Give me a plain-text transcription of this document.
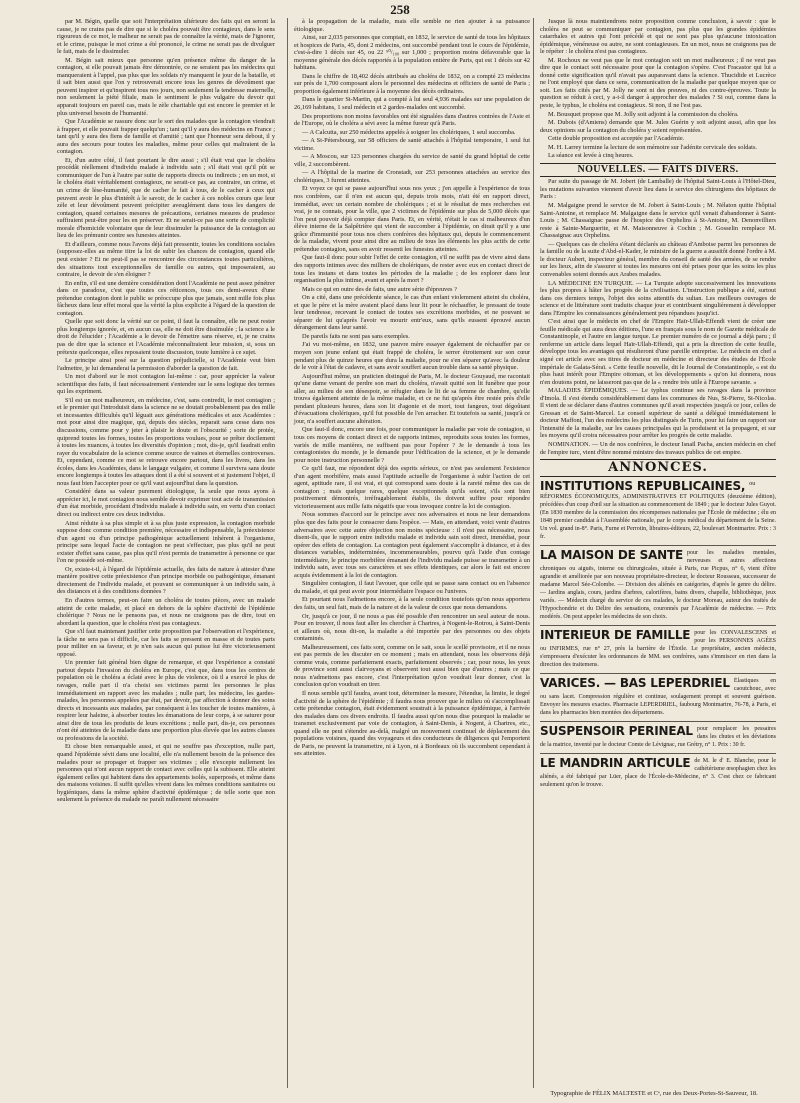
258

par M. Bégin, quelle que soit l'interprétation ultérieure des faits qui en seront la cause, je ne crains pas de dire que si le choléra pouvait être contagieux, dans le sens rigoureux de ce mot, le malheur ne serait pas de connaître la vérité, mais de l'ignorer, et le crime, puisque le mot crime a été prononcé, le crime ne serait pas de divulguer le fait, mais de le dissimuler.

M. Bégin sait mieux que personne qu'en présence même du danger de la contagion, si elle pouvait jamais être démontrée, ce ne seraient pas les médecins qui manqueraient à l'appel, pas plus que les soldats n'y manquent le jour de la bataille, et il sait bien aussi que l'on y retrouverait encore tous les genres de dévoûment que peuvent inspirer et qu'inspirent tous nos jours, non seulement la tendresse maternelle, non seulement la piété filiale, mais le sentiment le plus vulgaire du devoir qui apparait toujours en pareil cas, mais le zèle charitable qui est encore le premier et le plus universel besoin de l'humanité.

Que l'Académie se rassure donc sur le sort des malades que la contagion viendrait à frapper, et elle pouvait frapper quelqu'un ; tant qu'il y aura des médecins en France ; tant qu'il y aura des fiens de famille et d'amitié ; tant que l'honneur sera debout, il y aura des secours pour toutes les maladies, même pour celles qui maltraient de la contagion.

Et, d'un autre côté, il faut pourtant le dire aussi ; s'il était vrai que le choléra procédât réellement d'individu malade à individu sain ; s'il était vrai qu'il pût se communiquer de l'un à l'autre par suite de rapports directs ou indirects ; en un mot, si le choléra était véritablement contagieux, ne serait-ce pas, au contraire, un crime, et un crime de lèse-humanité, que de cacher le fait à tous, de le cacher à ceux qui peuvent avoir le plus d'intérêt à le savoir, de le cacher à ces nobles cœurs que leur zèle et leur dévoûment peuvent précipiter aveuglément dans tous les dangers de contagion, quand certaines mesures de précautions, certaines mesures de prudence suffiraient peut-être pour les en préserver. Et ne serait-ce pas une sorte de complicité morale d'homicide volontaire que de leur dissimuler la puissance de la contagion au lieu de les prémunir contre ses funestes atteintes.

Et d'ailleurs, comme nous l'avons déjà fait pressentir, toutes les conditions sociales (supposez-elles au même titre la loi de subir les chances de contagion, quand elle peut exister ? Et ne peut-il pas se rencontrer des circonstances toutes particulières, des situations tout exceptionnelles de famille ou autres, qui imposeraient, au contraire, le devoir de s'en éloigner ?

En enfin, s'il est une demière considération dont l'Académie ne peut assez pénétrer dans ce paradoxe, c'est que toutes ces réticences, tous ces demi-aveux d'une prétendue contagion dont le public se préoccupe plus que jamais, sont mille fois plus fâcheux dans leur effet moral que la vérité la plus explicite à l'égard de la question de contagion.

Quelle que soit donc la vérité sur ce point, il faut la connaître, elle ne peut rester plus longtemps ignorée, et, en aucun cas, elle ne doit être dissimulée ; la science a le droit de l'élucider ; l'Académie a le devoir de l'émettre sans réserve, et, je ne crains pas de dire que la science et l'Académie méconnaîtraient leur mission, si, sous un prétexte quelconque, elles reposaient toute discussion, toute lumière à ce sujet.

Le principe ainsi posé sur la question préjudicielle, si l'Académie veut bien l'admettre, je lui demanderai la permission d'aborder la question de fait.

Un mot d'abord sur le mot contagion lui-même : car, pour apprécier la valeur scientifique des faits, il faut nécessairement s'entendre sur le sens logique des termes qui les expriment.

S'il est un mot malheureux, en médecine, c'est, sans contredit, le mot contagion ; et le premier qui l'introduisit dans la science ne se doutait probablement pas des mille et incessantes difficultés qu'il léguait aux générations médicales et aux Académies : mot pour ainsi dire magique, qui, depuis des siècles, reparait sans cesse dans nos discussions, comme pour y jeter à plaisir le doute et l'obscurité ; sorte de protée, quiprend toutes les formes, toutes les proportions voulues, pour se prêter docilement à toutes les nuances, à toutes les diversités d'opinion ; mot, dis-je, qu'il faudrait enfin rayer du vocabulaire de la science comme source de vaines et éternelles controverses. Et, cependant, comme ce mot se retrouve encore partout, dans les livres, dans les écoles, dans les Académies, dans le langage vulgaire, et comme il survivra sans doute encore longtemps à toutes les attaques dont il a été si souvent et si justement l'objet, il nous faut bien l'accepter pour ce qu'il vaut aujourd'hui dans la question.

Considéré dans sa valeur purement étiologique, la seule que nous ayons à apprécier ici, le mot contagion nous semble devoir exprimer tout acte de transmission d'un état morbide, procédant d'individu malade à individu sain, en vertu d'un contact direct ou indirect entre ces deux individus.

Ainsi réduite à sa plus simple et à sa plus juste expression, la contagion morbide suppose donc comme condition première, nécessaire et indispensable, la préexistence d'un agent ou d'un principe pathogénique actuellement inhérent à l'organisme, principe sans lequel l'acte de contagion ne peut s'effectuer, pas plus qu'il ne peut exister d'effet sans cause, pas plus qu'il n'est permis de transmettre à personne ce que l'on ne possède soi-même.

Or, existe-t-il, à l'égard de l'épidémie actuelle, des faits de nature à attester d'une manière positive cette préexistence d'un principe morbide ou pathogénique, émanant directement de l'individu malade, et pouvant se communiquer à un individu sain, à des distances et à des conditions données ?

En d'autres termes, peut-on faire un choléra de toutes pièces, avec un malade atteint de cette maladie, et placé en dehors de la sphère d'activité de l'épidémie cholérique ? Nous ne le pensons pas, et nous ne craignons pas de dire, tout en abordant la question, que le choléra n'est pas contagieux.

Que s'il faut maintenant justifier cette proposition par l'observation et l'expérience, la tâche ne sera pas si difficile, car les faits se pressent en masse et de toutes parts pour militer en sa faveur, et je n'en sais aucun qui puisse lui être victorieusement opposé.

Un premier fait général bien digne de remarque, et que l'expérience a constaté partout depuis l'invasion du choléra en Europe, c'est que, dans tous les centres de population où le choléra a éclaté avec le plus de violence, où il a exercé le plus de ravages, nulle part il n'a choisi ses victimes parmi les personnes le plus immédiatement en rapport avec les malades ; nulle part, les médecins, les gardes-malades, les personnes appelées par état, par devoir, par affection à donner des soins directs et incessants aux malades, par conséquent à les toucher de toutes manières, à respirer leur haleine, à absorber toutes les émanations de leur corps, à se saturer pour ainsi dire de tous les produits de leurs excrétions ; nulle part, dis-je, ces personnes n'ont été atteintes de la maladie dans une proportion plus élevée que les autres classes ou professions de la société.

Et chose bien remarquable aussi, et qui ne souffre pas d'exception, nulle part, quand l'épidémie sévit dans une localité, elle n'a nullement besoin de la présence des malades pour se propager et frapper ses victimes ; elle n'excepte nullement les personnes qui n'ont aucun rapport de contact avec celles qui la subissent. Elle atteint également celles qui habitent dans des appartements isolés, superposés, et même dans des maisons voisines. Il suffit qu'elles vivent dans les mêmes conditions sanitaires ou hygiéniques, dans la même sphère d'activité épidémique ; de telle sorte que non seulement la présence du malade ne paraît nullement nécessaire

à la propagation de la maladie, mais elle semble ne rien ajouter à sa puissance étiologique.

Ainsi, sur 2,035 personnes que comptait, en 1832, le service de santé de tous les hôpitaux et hospices de Paris, 45, dont 2 médecins, ont succombé pendant tout le cours de l'épidémie, c'est-à-dire 1 décès sur 45, ou 22 ⁵⁰/₁₀₀ sur 1,000 ; proportion moins défavorable que la moyenne générale des décès rapportés à la population entière de Paris, qui est 1 décès sur 42 habitans.

Dans le chiffre de 18,402 décès attribués au choléra de 1832, on a compté 23 médecins sur près de 1,700 composant alors le personnel des médecins et officiers de santé de Paris ; proportion également inférieure à la moyenne des décès ordinaires.

Dans le quartier St-Martin, qui a compté à lui seul 4,936 malades sur une population de 26,169 habitans, 1 seul médecin et 2 gardes-malades ont succombé.

Des proportions non moins favorables ont été signalées dans d'autres contrées de l'Asie et de l'Europe, où le choléra a sévi avec la même fureur qu'à Paris.

— A Calcutta, sur 250 médecins appelés à soigner les cholériques, 1 seul succomba.

— A St-Pétersbourg, sur 58 officiers de santé attachés à l'hôpital temporaire, 1 seul fut victime.

— A Moscou, sur 123 personnes chargées du service de santé du grand hôpital de cette ville, 2 succombèrent.

— A l'hôpital de la marine de Cronstadt, sur 253 personnes attachées au service des cholériques, 3 furent atteintes.

Et voyez ce qui se passe aujourd'hui sous nos yeux ; j'en appelle à l'expérience de tous nos confrères, car il n'en est aucun qui, depuis trois mois, n'ait été en rapport direct, immédiat, avec un certain nombre de cholériques ; et si le résultat de mes recherches est vrai, je ne connais, pour la ville, que 2 victimes de l'épidémie sur plus de 5,000 décès que l'on peut pouvoir déjà compter dans Paris. Et, en vérité, n'était le cas si malheureux d'un élève interne de la Salpêtrière qui vient de succomber à l'épidémie, on dirait qu'il y a une grâce d'immunité pour tous nos chers confrères des hôpitaux qui, depuis le commencement de la maladie, vivent pour ainsi dire au milieu de tous les éléments les plus actifs de cette prétendue contagion, sans en avoir ressenti les funestes atteintes.

Que faut-il donc pour subir l'effet de cette contagion, s'il ne suffit pas de vivre ainsi dans des rapports intimes avec des milliers de cholériques, de rester avec eux en contact direct de tous les instans et dans toutes les périodes de la maladie ; de les explorer dans leur organisation la plus intime, avant et après la mort ?

Mais ce qui en outre des de faits, une autre série d'épreuves ?

On a cité, dans une précédente séance, le cas d'un enfant violemment atteint du choléra, et que le père et la mère avaient placé dans leur lit pour le réchauffer, le pressant de toute leur tendresse, recevant le contact de toutes ses excrétions morbides, et ne pouvant se séparer de lui qu'après l'avoir vu mourir entr'eux, sans qu'ils eussent éprouvé aucun dérangement dans leur santé.

De pareils faits ne sont pas sans exemples.

J'ai vu moi-même, en 1832, une pauvre mère essayer également de réchauffer par ce moyen son jeune enfant qui était frappé de choléra, le serrer étroitement sur son cœur pendant plus de quinze heures que dura la maladie, pour ne s'en séparer qu'avec la douleur de le voir à l'état de cadavre, et sans avoir souffert aucun trouble dans sa santé physique.

Aujourd'hui même, un praticien distingué de Paris, M. le docteur Gouyaud, me racontait qu'une dame venant de perdre son mari du choléra, n'avait quitté son lit funèbre que pour aller, au milieu de son désespoir, se réfugier dans le lit de sa femme de chambre, qu'elle trouva également atteinte de la même maladie, et ce ne fut qu'après être restée près d'elle pendant plusieurs heures, dans son lit d'agonie et de mort, tout fangeux, tout dégoûtant d'évacuations cholériques, qu'il fut possible de l'en arracher. Et toutefois sa santé, jusqu'à ce jour, n'a souffert aucune altération.

Que faut-il donc, encore une fois, pour communiquer la maladie par voie de contagion, si tous ces moyens de contact direct et de rapports intimes, reproduits sous toutes les formes, variés de mille manières, ne suffisent pas pour l'opérer ? Je le demande à tous les contagionistes du monde, je le demande pour l'édification de la science, et je le demande pour notre instruction personnelle ?

Ce qu'il faut, me répondent déjà des esprits sérieux, ce n'est pas seulement l'existence d'un agent morbifère, mais aussi l'aptitude actuelle de l'organisme à subir l'action de cet agent, aptitude rare, il est vrai, et qui correspond sans doute à la rareté même des cas de contagion ; mais quelque rares, quelque exceptionnels qu'ils soient, s'ils sont bien positivement démontrés, irréfragablement établis, ils doivent suffire pour répondre victorieusement aux mille faits négatifs que vous invoquez contre la loi de contagion.

Nous sommes d'accord sur le principe avec nos adversaires et nous ne leur demandons plus que des faits pour le consacrer dans l'espèce. — Mais, en attendant, voici venir d'autres adversaires avec cette autre objection non moins spécieuse : il n'est pas nécessaire, nous disent-ils, que le rapport entre individu malade et individu sain soit direct, immédiat, pour opérer des effets de contagion. La contagion peut également s'accomplir à distance, et à des distances variables, indéterminées, incommensurables, pourvu qu'à l'aide d'un contage intermédiaire, le principe morbifère émanant de l'individu malade puisse se transmettre à un individu sain, avec tous ses caractères et ses effets identiques, car alors le fait est encore acquis évidemment à la loi de contagion.

Singulière contagion, il faut l'avouer, que celle qui se passe sans contact ou en l'absence du malade, et qui peut avoir pour intermédiaire l'espace ou l'univers.

Et pourtant nous l'admettons encore, à la seule condition toutefois qu'on nous apportera des faits, un seul fait, mais de la nature et de la valeur de ceux que nous demandons.

Or, jusqu'à ce jour, il ne nous a pas été possible d'en rencontrer un seul auteur de nous. Pour en trouver, il nous faut aller les chercher à Chartres, à Nogent-le-Rotrou, à Saint-Denis et ailleurs où, nous dit-on, la maladie a été importée par des personnes ou des objets contaminés.

Malheureusement, ces faits sont, comme on le sait, sous le scellé provisoire, et il ne nous est pas permis de les discuter en ce moment ; mais en attendant, nous les observons déjà comme vrais, comme parfaitement exacts, parfaitement observés ; car, pour nous, les yeux de province sont aussi clairvoyans et observent tout aussi bien que d'autres ; mais ce que nous n'admettons pas encore, c'est l'interprétation qu'on voudrait leur donner, c'est la conclusion qu'on voudrait en tirer.

Il nous semble qu'il faudra, avant tout, déterminer la mesure, l'étendue, la limite, le degré d'activité de la sphère de l'épidémie ; il faudra nous prouver que le milieu où s'accomplissait cette prétendue contagion, était évidemment soustrait à la puissance épidémique, à l'arrivée des malades dans ces divers endroits. Il faudra aussi qu'on nous dise pourquoi la maladie se transmet exclusivement par voie de contagion, à Saint-Denis, à Nogent, à Chartres, etc., quand elle ne peut s'étendre au-delà, malgré un mouvement continuel de déplacement des populations voisines, quand des voyageurs et des conducteurs de diligences qui l'emportent de Paris, ne peuvent la transmettre, ni à Lyon, ni à Bordeaux où ils succombent cependant à ses atteintes.

Jusque là nous maintiendrons notre proposition comme conclusion, à savoir : que le choléra ne peut se communiquer par contagion, pas plus que les grandes épidémies catarrhales et autres qui l'ont précédé et qui ne sont pas plus qu'aucune intoxication épidémique, vénéneuse ou autre, ne sont contagieuses. En un mot, nous ne craignons pas de le répéter : le choléra n'est pas contagieux.

M. Rochoux ne veut pas que le mot contagion soit un mot malheureux ; il ne veut pas dire que le contact soit nécessaire pour que la contagion s'opère. C'est Fracastor qui lui a donné cette signification qu'il n'avait pas auparavant dans la science. Thucidide et Lucrèce ne l'ont employé que dans ce sens, communication de la maladie par quelque moyen que ce soit. Les faits cités par M. Jolly ne sont ni des preuves, ni des contre-épreuves. Toute la question se réduit à ceci, y a-t-il danger à approcher des malades ? Si oui, comme dans la peste, le typhus, le choléra est contagieux. Si non, il ne l'est pas.

M. Bousquet propose que M. Jolly soit adjoint à la commission du choléra.

M. Dubois (d'Amiens) demande que M. Jules Guérin y soit adjoint aussi, afin que les deux opinions sur la contagion du choléra y soient représentées.

Cette double proposition est acceptée par l'Académie.

M. H. Larrey termine la lecture de son mémoire sur l'adénite cervicale des soldats.

La séance est levée à cinq heures.

NOUVELLES. — FAITS DIVERS.

Par suite du passage de M. Jobert (de Lamballe) de l'hôpital Saint-Louis à l'Hôtel-Dieu, les mutations suivantes viennent d'avoir lieu dans le service des chirurgiens des hôpitaux de Paris :

M. Malgaigne prend le service de M. Jobert à Saint-Louis ; M. Nélaton quitte l'hôpital Saint-Antoine, et remplace M. Malgaigne dans le service qu'il venait d'abandonner à Saint-Louis ; M. Chassaignac passe de l'hospice des Orphelins à St-Antoine, M. Denonvilliers reste à Sainte-Marguerite, et M. Maisonneuve à Cochin ; M. Gosselin remplace M. Chassaignac aux Orphelins.

— Quelques cas de choléra s'étant déclarés au château d'Amboise parmi les personnes de la famille ou de la suite d'Abd-el-Kader, le ministre de la guerre a aussitôt donné l'ordre à M. le docteur Aubert, inspecteur général, membre du conseil de santé des armées, de se rendre sur les lieux, afin de s'assurer si toutes les mesures ont été prises pour que les soins les plus convenables soient donnés aux Arabes malades.

LA MÉDECINE EN TURQUIE. — La Turquie adopte successivement les innovations les plus propres à hâter les progrès de la civilisation. L'instruction publique a été, surtout dans ces derniers temps, l'objet des soins attentifs du sultan. Les meilleurs ouvrages de science et de littérature sont traduits chaque jour et contribuent singulièrement à développer dans l'Empire les connaissances généralement peu répandues jusqu'ici.

C'est ainsi que le médecin en chef de l'Empire Haïr-Ullah-Effendi vient de créer une feuille médicale qui aura deux éditions, l'une en français sous le nom de Gazette médicale de Constantinople, et l'autre en langue turque. Le premier numéro de ce journal a déjà paru ; il renferme un article dans lequel Haïr-Ullah-Effendi, qui a pris la direction de cette feuille, développe tous les avantages qui résulteront d'une pareille entreprise. Le médecin en chef a signé cet article avec ses titres de docteur en médecine et directeur des études de l'École impériale de Galata-Séraï. « Cette feuille nouvelle, dit le Journal de Constantinople, « est du plus haut intérêt pour l'Empire ottoman, et les développements « qu'on lui donnera, nous n'en doutons point, ne laisseront pas que de la « rendre très utile à l'Europe savante. »

MALADIES ÉPIDÉMIQUES. — Le typhus continue ses ravages dans la province d'Imola. Il s'est étendu considérablement dans les communes de Nus, St-Pierre, St-Nicolas. Il vient de se déclarer dans d'autres communes qu'il avait respectées jusqu'à ce jour, celles de Gressan et de Saint-Marcel. Le conseil supérieur de santé a délégué immédiatement le docteur Maffoni, l'un des médecins les plus distingués de Turin, pour lui faire un rapport sur l'intensité de la maladie, sur les causes principales qui la produisent et la propagent, et sur les moyens qu'il croira nécessaires pour arrêter les progrès de cette maladie.

NOMINATION. — Un de nos confrères, le docteur Isnaïl Pacha, ancien médecin en chef de l'empire turc, vient d'être nommé ministre des travaux publics de cet empire.

ANNONCES.
INSTITUTIONS RÉPUBLICAINES, ou RÉFORMES ÉCONOMIQUES, ADMINISTRATIVES ET POLITIQUES (deuxième édition), précédées d'un coup d'œil sur la situation au commencement de 1849 ; par le docteur Jules Guyot. (En 1830 membre de la commission des récompenses nationales par l'École de médecine ; élu en 1848 premier candidat à l'Assemblée nationale, par le corps médical du département de la Seine. Un vol. grand in-8°. Paris, Furne et Perrotin, libraires-éditeurs, 22, boulevart Montmartre. Prix : 3 fr.
LA MAISON DE SANTÉ pour les maladies mentales, nerveuses et autres affections chroniques ou aiguës, interne ou chirurgicales, située à Paris, rue Picpus, n° 6, vient d'être agrandie et améliorée par son nouveau propriétaire-directeur, le docteur Rousseau, successeur de madame Marcel Sée-Colombe. — Division des aliénés en catégories, d'après le genre du délire. — Jardins anglais, cours, jardins d'arbres, calorifères, bains divers, chapelle, bibliothèque, jeux variés. — Médecin chargé du service de ces malades, le docteur Moreau, auteur des traités de l'Hypochondrie et du Délire des sensations, couronnés par l'Académie de médecine. — Prix modérés. On peut appeler les médecins de son choix.
INTÉRIEUR DE FAMILLE pour les CONVALESCENS et pour les PERSONNES AGÉES ou INFIRMES, rue n° 27, près la barrière de l'Étoile. Le propriétaire, ancien médecin, s'empressera d'exécuter les ordonnances de MM. ses confrères, sans s'immiscer en rien dans la direction des traitemens.
VARICES. — BAS LEPERDRIEL Élastiques en caoutchouc, avec ou sans lacet. Compression régulière et continue, soulagement prompt et souvent guérison. Envoyer les mesures exactes. Pharmacie LEPERDRIEL, faubourg Montmartre, 76-78, à Paris, et dans les pharmacies bien montées des départemens.
SUSPENSOIR PÉRINÉAL pour remplacer les pessaires dans les chutes et les déviations de la matrice, inventé par le docteur Comte de Lévignac, rue Grétry, n° 1. Prix : 30 fr.
LE MANDRIN ARTICULÉ de M. le d' E. Blanche, pour le cathétérisme œsophagien chez les aliénés, a été fabriqué par Lüer, place de l'École-de-Médecine, n° 3. C'est chez ce fabricant seulement qu'on le trouve.
Typographie de FÉLIX MALTESTE et Cᵉ, rue des Deux-Portes-St-Sauveur, 18.
